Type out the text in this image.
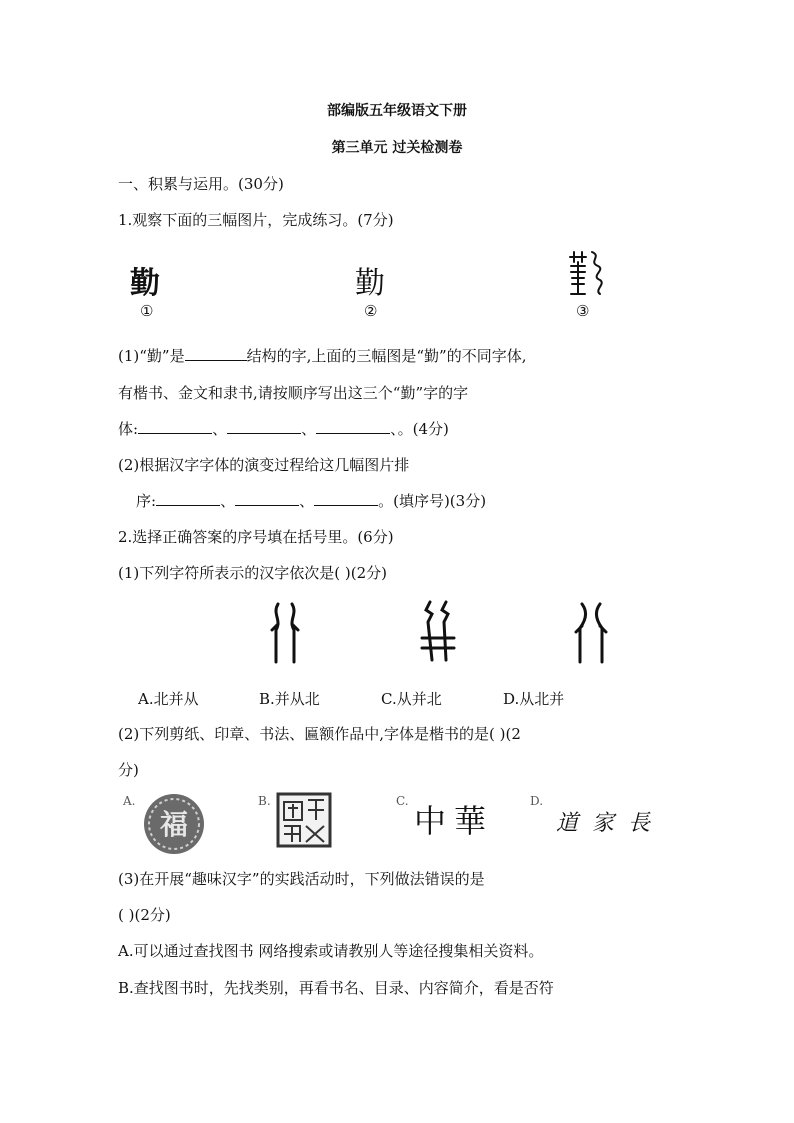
部编版五年级语文下册
第三单元 过关检测卷
一、积累与运用。(30分)
1.观察下面的三幅图片，完成练习。(7分)
勤	勤
①	②	③
(1)“勤”是	结构的字,上面的三幅图是“勤”的不同字体,
有楷书、金文和隶书,请按顺序写出这三个“勤”字的字
体:	、	、	、。(4分)
(2)根据汉字字体的演变过程给这几幅图片排
序:	、	、	。(填序号)(3分)
2.选择正确答案的序号填在括号里。(6分)
(1)下列字符所表示的汉字依次是( )(2分)
A.北并从	B.并从北	C.从并北	D.从北并
(2)下列剪纸、印章、书法、匾额作品中,字体是楷书的是( )(2
分)
A.
福
B.	C.
中華
D.
道家長
(3)在开展“趣味汉字”的实践活动时，下列做法错误的是
( )(2分)
A.可以通过查找图书 网络搜索或请教别人等途径搜集相关资料。
B.查找图书时，先找类别，再看书名、目录、内容简介，看是否符
